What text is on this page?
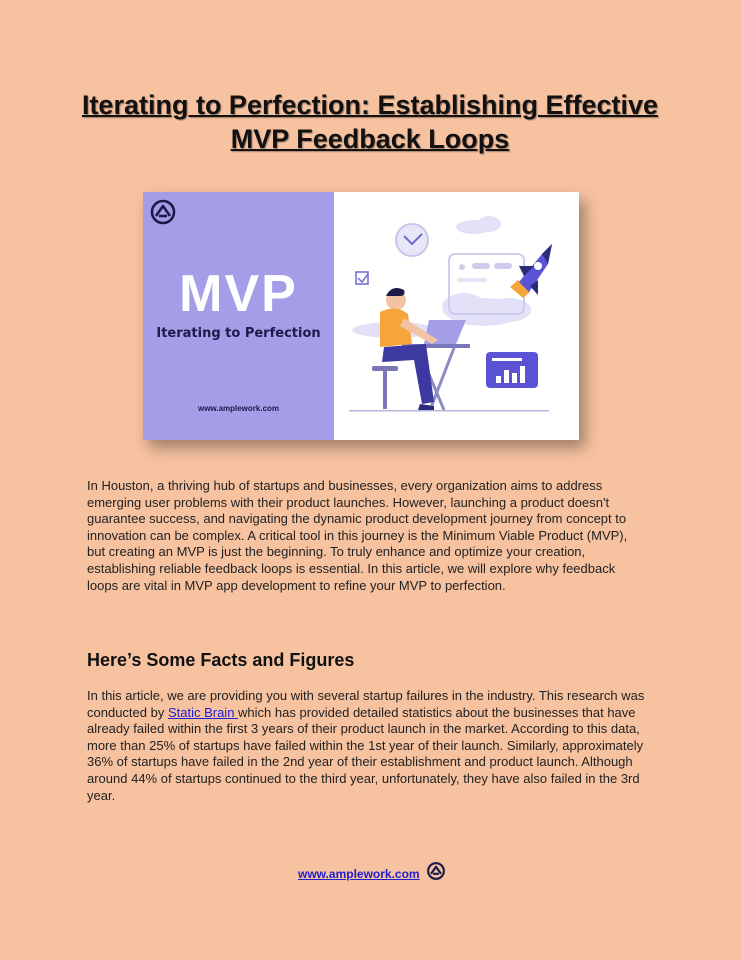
Iterating to Perfection: Establishing Effective MVP Feedback Loops
MVP
Iterating to Perfection
www.amplework.com
In Houston, a thriving hub of startups and businesses, every organization aims to address emerging user problems with their product launches. However, launching a product doesn't guarantee success, and navigating the dynamic product development journey from concept to innovation can be complex. A critical tool in this journey is the Minimum Viable Product (MVP), but creating an MVP is just the beginning. To truly enhance and optimize your creation, establishing reliable feedback loops is essential. In this article, we will explore why feedback loops are vital in MVP app development to refine your MVP to perfection.
Here’s Some Facts and Figures
In this article, we are providing you with several startup failures in the industry. This research was conducted by Static Brain which has provided detailed statistics about the businesses that have already failed within the first 3 years of their product launch in the market. According to this data, more than 25% of startups have failed within the 1st year of their launch. Similarly, approximately 36% of startups have failed in the 2nd year of their establishment and product launch. Although around 44% of startups continued to the third year, unfortunately, they have also failed in the 3rd year.
www.amplework.com
